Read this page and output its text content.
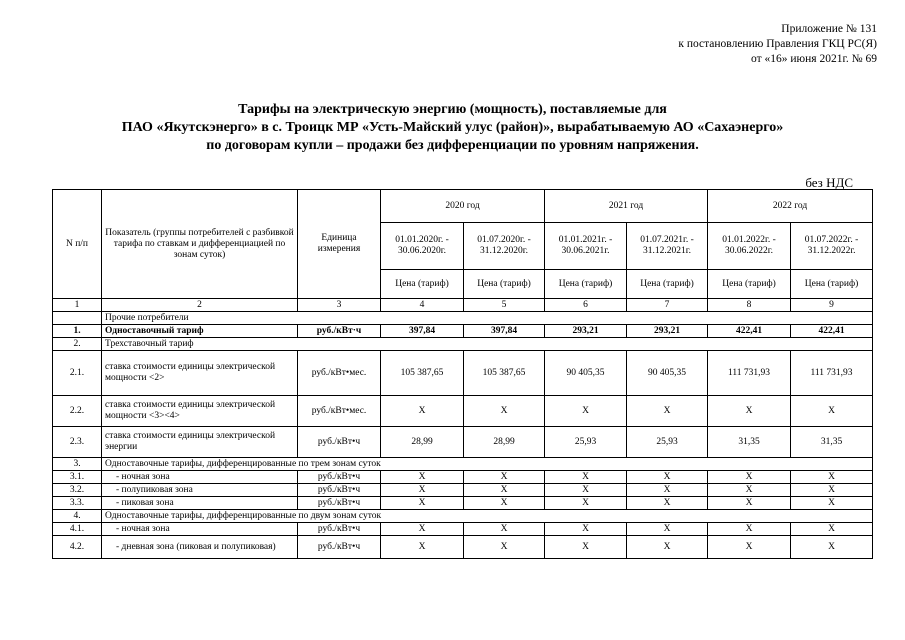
Приложение № 131
к постановлению Правления ГКЦ РС(Я)
от «16» июня 2021г. № 69
Тарифы на электрическую энергию (мощность), поставляемые для
ПАО «Якутскэнерго» в с. Троицк МР «Усть-Майский улус (район)», вырабатываемую АО «Сахаэнерго»
по договорам купли – продажи без дифференциации по уровням напряжения.
без НДС
N п/п	Показатель (группы потребителей с разбивкой тарифа по ставкам и дифференциацией по зонам суток)	Единица измерения	2020 год		2021 год		2022 год	
			01.01.2020г. - 30.06.2020г.	01.07.2020г. - 31.12.2020г.	01.01.2021г. - 30.06.2021г.	01.07.2021г. - 31.12.2021г.	01.01.2022г. - 30.06.2022г.	01.07.2022г. - 31.12.2022г.
			Цена (тариф)	Цена (тариф)	Цена (тариф)	Цена (тариф)	Цена (тариф)	Цена (тариф)
1	2	3	4	5	6	7	8	9
	Прочие потребители							
1.	Одноставочный тариф	руб./кВт·ч	397,84	397,84	293,21	293,21	422,41	422,41
2.	Трехставочный тариф							
2.1.	ставка стоимости единицы электрической мощности <2>	руб./кВт•мес.	105 387,65	105 387,65	90 405,35	90 405,35	111 731,93	111 731,93
2.2.	ставка стоимости единицы электрической мощности <3><4>	руб./кВт•мес.	X	X	X	X	X	X
2.3.	ставка стоимости единицы электрической энергии	руб./кВт•ч	28,99	28,99	25,93	25,93	31,35	31,35
3.	Одноставочные тарифы, дифференцированные по трем зонам суток							
3.1.	- ночная зона	руб./кВт•ч	X	X	X	X	X	X
3.2.	- полупиковая зона	руб./кВт•ч	X	X	X	X	X	X
3.3.	- пиковая зона	руб./кВт•ч	X	X	X	X	X	X
4.	Одноставочные тарифы, дифференцированные по двум зонам суток							
4.1.	- ночная зона	руб./кВт•ч	X	X	X	X	X	X
4.2.	- дневная зона (пиковая и полупиковая)	руб./кВт•ч	X	X	X	X	X	X
